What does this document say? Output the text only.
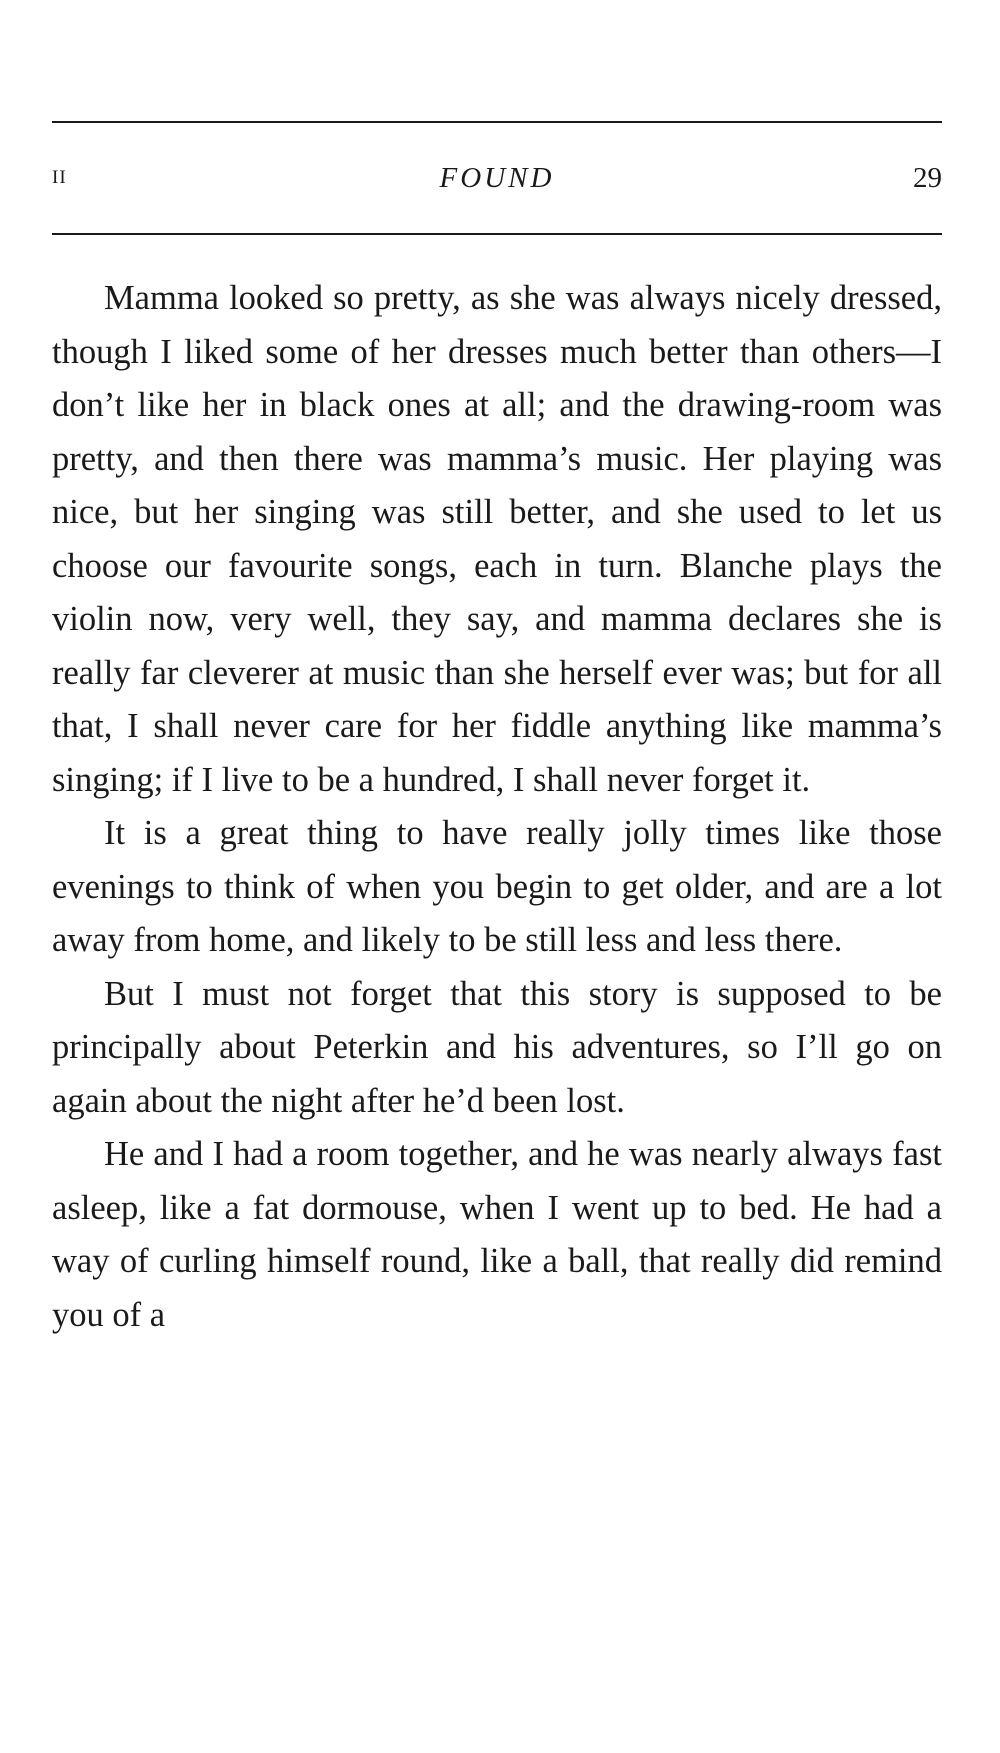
II	FOUND	29

Mamma looked so pretty, as she was always nicely dressed, though I liked some of her dresses much better than others—I don’t like her in black ones at all; and the drawing-room was pretty, and then there was mamma’s music. Her playing was nice, but her singing was still better, and she used to let us choose our favourite songs, each in turn. Blanche plays the violin now, very well, they say, and mamma declares she is really far cleverer at music than she herself ever was; but for all that, I shall never care for her fiddle anything like mamma’s singing; if I live to be a hundred, I shall never forget it.

It is a great thing to have really jolly times like those evenings to think of when you begin to get older, and are a lot away from home, and likely to be still less and less there.

But I must not forget that this story is supposed to be principally about Peterkin and his adventures, so I’ll go on again about the night after he’d been lost.

He and I had a room together, and he was nearly always fast asleep, like a fat dormouse, when I went up to bed. He had a way of curling himself round, like a ball, that really did remind you of a
